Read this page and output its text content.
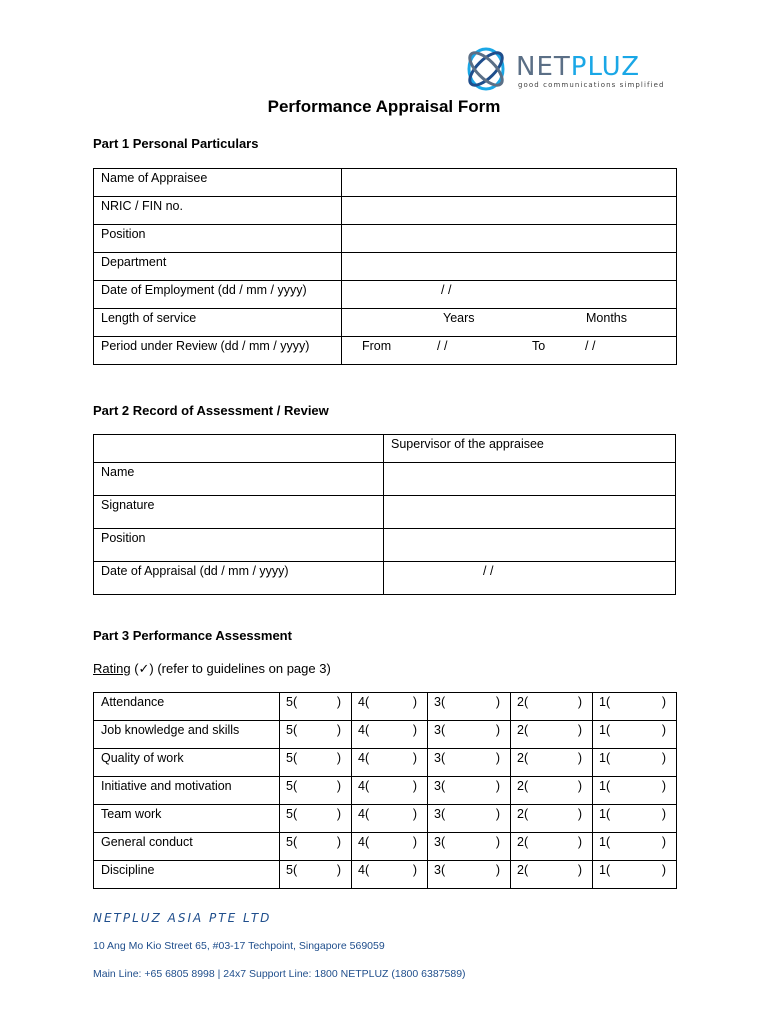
NETPLUZ
good communications simplified
Performance Appraisal Form
Part 1 Personal Particulars
Name of Appraisee	
NRIC / FIN no.	
Position	
Department	
Date of Employment (dd / mm / yyyy)	/ /

Length of service	Years Months

Period under Review (dd / mm / yyyy)	From / / To / /
Part 2 Record of Assessment / Review
	Supervisor of the appraisee
Name	
Signature	
Position	
Date of Appraisal (dd / mm / yyyy)	/ /
Part 3 Performance Assessment
Rating (✓) (refer to guidelines on page 3)
Attendance	5( )	4( )	3( )	2( )	1( )

Job knowledge and skills	5( )	4( )	3( )	2( )	1( )

Quality of work	5( )	4( )	3( )	2( )	1( )

Initiative and motivation	5( )	4( )	3( )	2( )	1( )

Team work	5( )	4( )	3( )	2( )	1( )

General conduct	5( )	4( )	3( )	2( )	1( )

Discipline	5( )	4( )	3( )	2( )	1( )
NETPLUZ ASIA PTE LTD
10 Ang Mo Kio Street 65, #03-17 Techpoint, Singapore 569059
Main Line: +65 6805 8998 | 24x7 Support Line: 1800 NETPLUZ (1800 6387589)
